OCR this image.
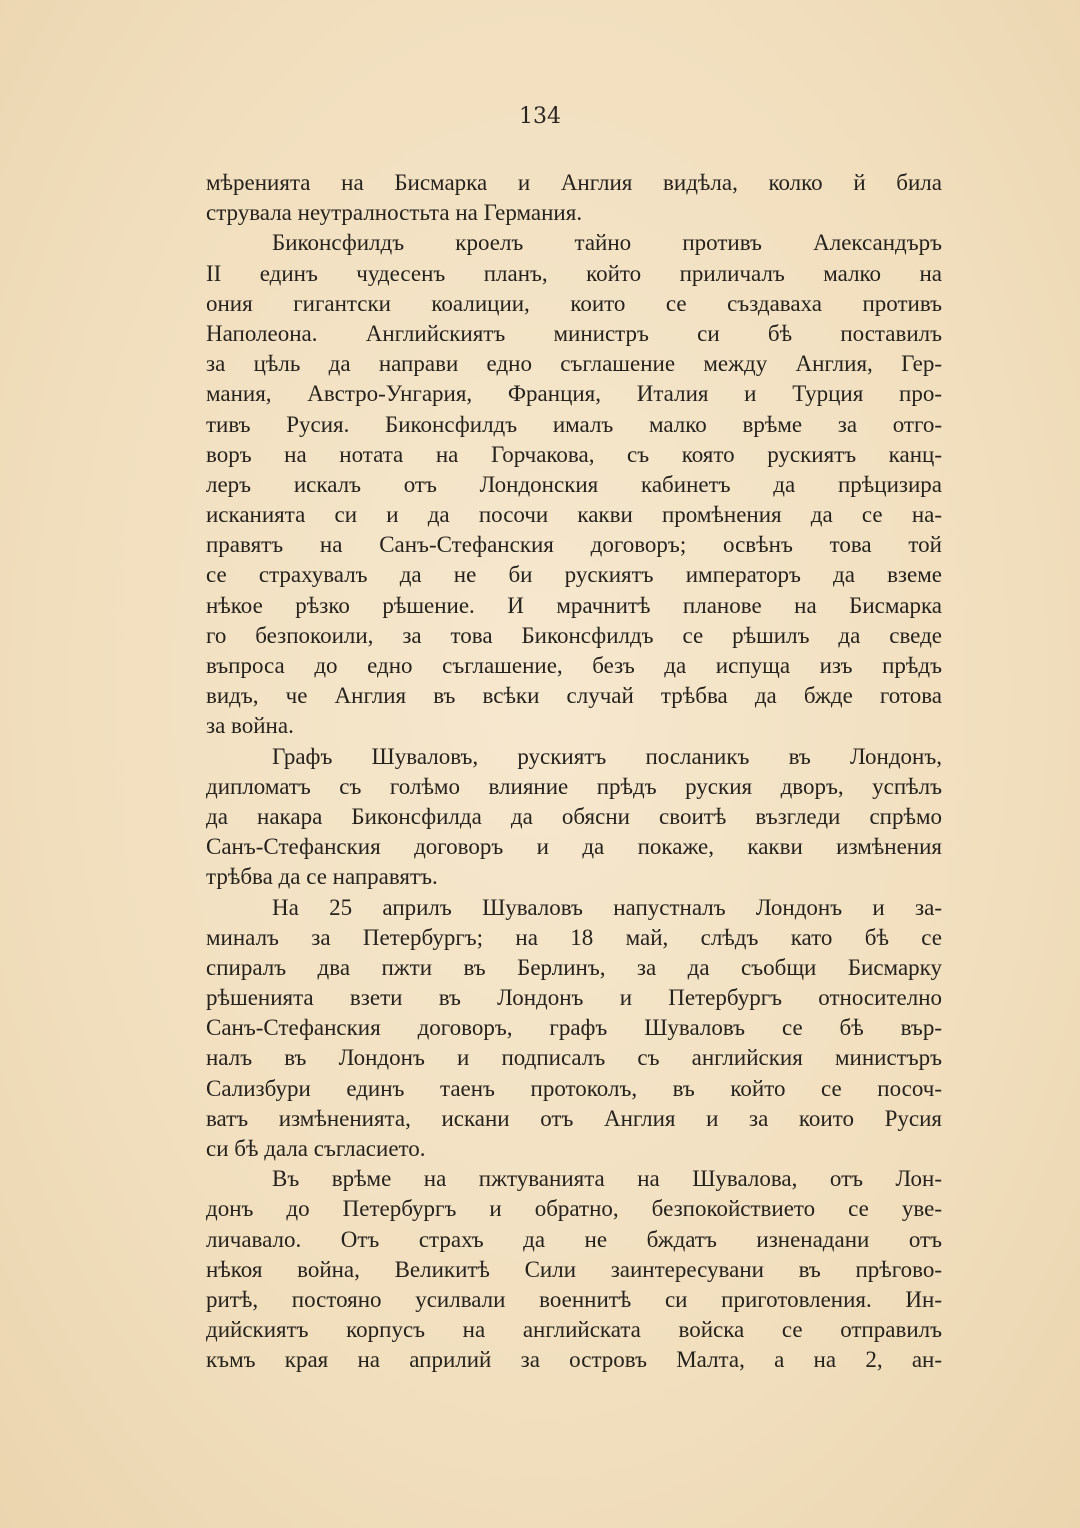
134
мѣренията на Бисмарка и Англия видѣла, колко й била
струвала неутралностьта на Германия.
Биконсфилдъ кроелъ тайно противъ Александъръ
II единъ чудесенъ планъ, който приличалъ малко на
ония гигантски коалиции, които се създаваха противъ
Наполеона. Английскиятъ министръ си бѣ поставилъ
за цѣль да направи едно съглашение между Англия, Гер-
мания, Австро-Унгария, Франция, Италия и Турция про-
тивъ Русия. Биконсфилдъ ималъ малко врѣме за отго-
воръ на нотата на Горчакова, съ която рускиятъ канц-
леръ искалъ отъ Лондонския кабинетъ да прѣцизира
исканията си и да посочи какви промѣнения да се на-
правятъ на Санъ-Стефанския договоръ; освѣнъ това той
се страхувалъ да не би рускиятъ императоръ да вземе
нѣкое рѣзко рѣшение. И мрачнитѣ планове на Бисмарка
го безпокоили, за това Биконсфилдъ се рѣшилъ да сведе
въпроса до едно съглашение, безъ да испуща изъ прѣдъ
видъ, че Англия въ всѣки случай трѣбва да бжде готова
за война.
Графъ Шуваловъ, рускиятъ посланикъ въ Лондонъ,
дипломатъ съ голѣмо влияние прѣдъ руския дворъ, успѣлъ
да накара Биконсфилда да обясни своитѣ възгледи спрѣмо
Санъ-Стефанския договоръ и да покаже, какви измѣнения
трѣбва да се направятъ.
На 25 априлъ Шуваловъ напустналъ Лондонъ и за-
миналъ за Петербургъ; на 18 май, слѣдъ като бѣ се
спиралъ два пжти въ Берлинъ, за да съобщи Бисмарку
рѣшенията взети въ Лондонъ и Петербургъ относително
Санъ-Стефанския договоръ, графъ Шуваловъ се бѣ вър-
налъ въ Лондонъ и подписалъ съ английския министъръ
Сализбури единъ таенъ протоколъ, въ който се посоч-
ватъ измѣненията, искани отъ Англия и за които Русия
си бѣ дала съгласието.
Въ врѣме на пжтуванията на Шувалова, отъ Лон-
донъ до Петербургъ и обратно, безпокойствието се уве-
личавало. Отъ страхъ да не бждатъ изненадани отъ
нѣкоя война, Великитѣ Сили заинтересувани въ прѣгово-
ритѣ, постояно усилвали военнитѣ си приготовления. Ин-
дийскиятъ корпусъ на английската войска се отправилъ
къмъ края на априлий за островъ Малта, а на 2, ан-
